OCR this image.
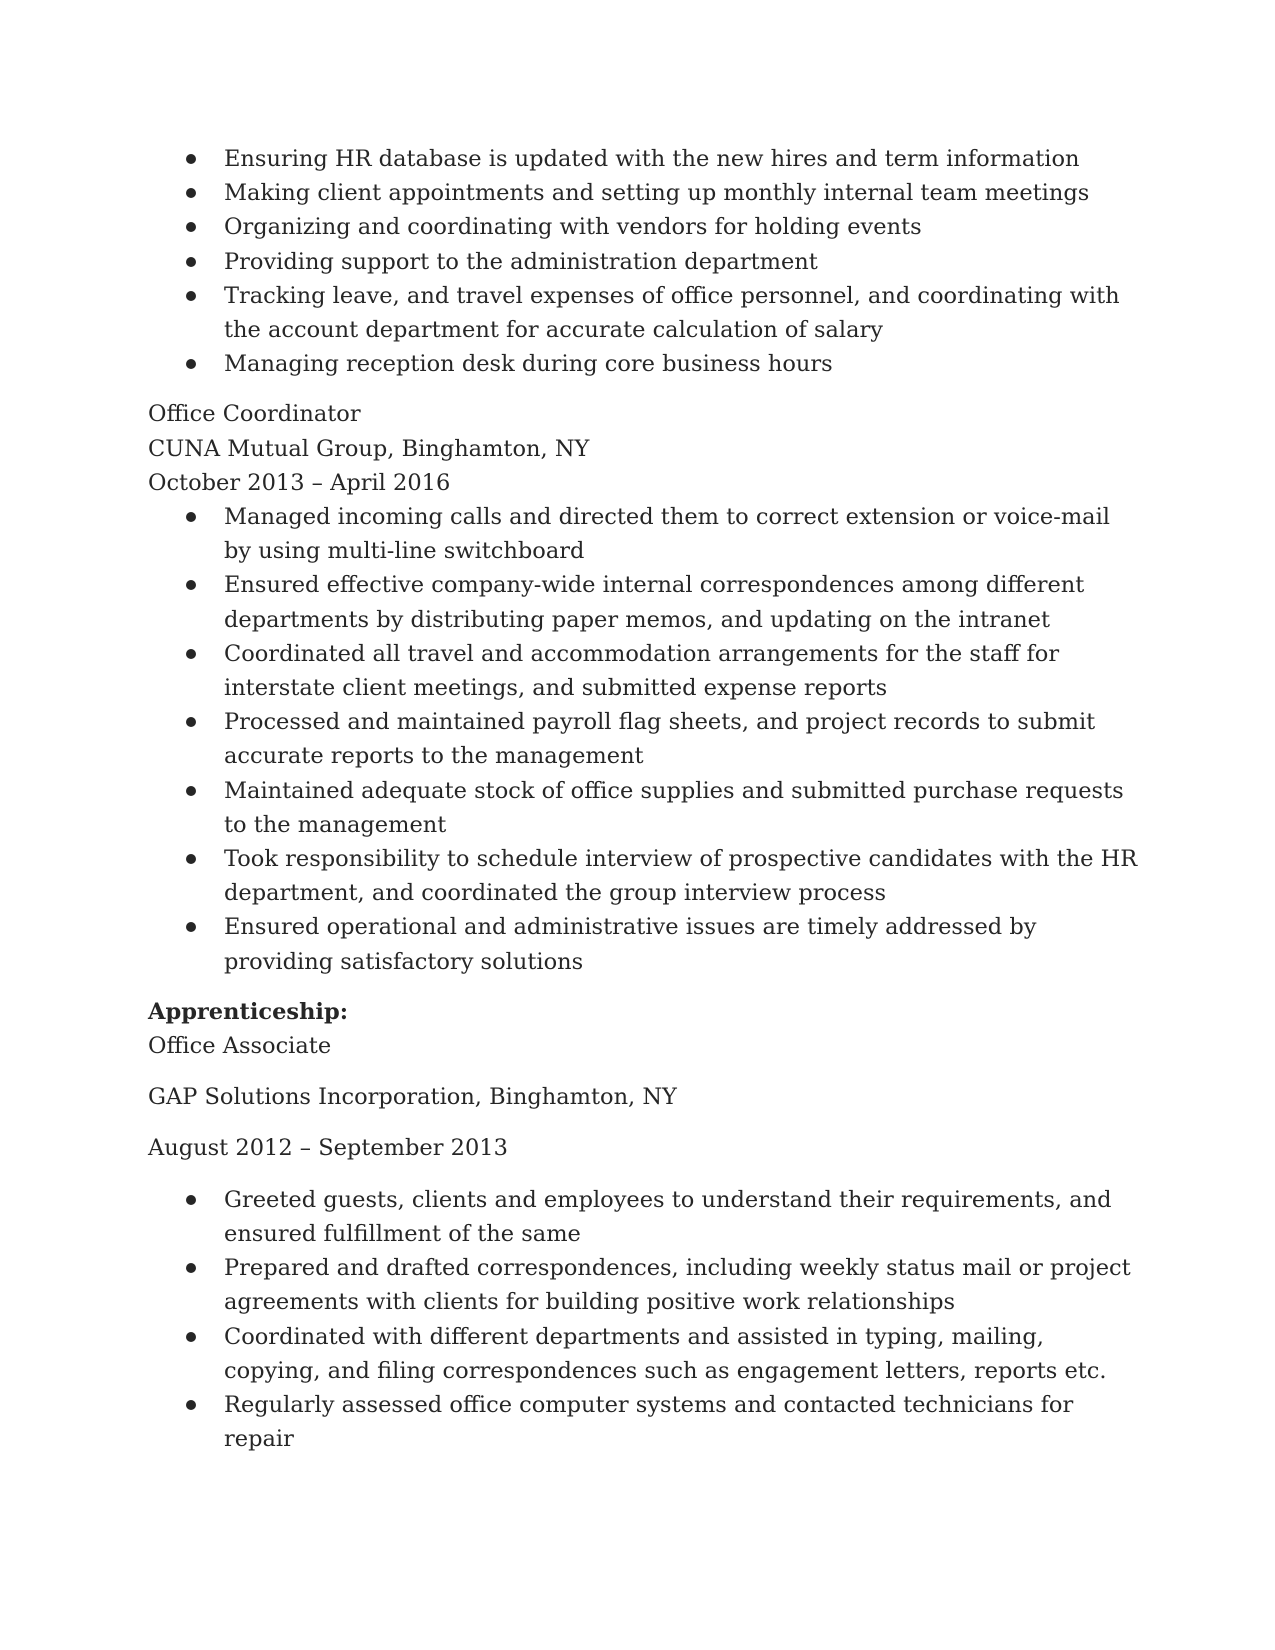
Ensuring HR database is updated with the new hires and term information
Making client appointments and setting up monthly internal team meetings
Organizing and coordinating with vendors for holding events
Providing support to the administration department
Tracking leave, and travel expenses of office personnel, and coordinating with the account department for accurate calculation of salary
Managing reception desk during core business hours
Office Coordinator
CUNA Mutual Group, Binghamton, NY
October 2013 – April 2016
Managed incoming calls and directed them to correct extension or voice-mail by using multi-line switchboard
Ensured effective company-wide internal correspondences among different departments by distributing paper memos, and updating on the intranet
Coordinated all travel and accommodation arrangements for the staff for interstate client meetings, and submitted expense reports
Processed and maintained payroll flag sheets, and project records to submit accurate reports to the management
Maintained adequate stock of office supplies and submitted purchase requests to the management
Took responsibility to schedule interview of prospective candidates with the HR department, and coordinated the group interview process
Ensured operational and administrative issues are timely addressed by providing satisfactory solutions
Apprenticeship:
Office Associate
GAP Solutions Incorporation, Binghamton, NY
August 2012 – September 2013
Greeted guests, clients and employees to understand their requirements, and ensured fulfillment of the same
Prepared and drafted correspondences, including weekly status mail or project agreements with clients for building positive work relationships
Coordinated with different departments and assisted in typing, mailing, copying, and filing correspondences such as engagement letters, reports etc.
Regularly assessed office computer systems and contacted technicians for repair
